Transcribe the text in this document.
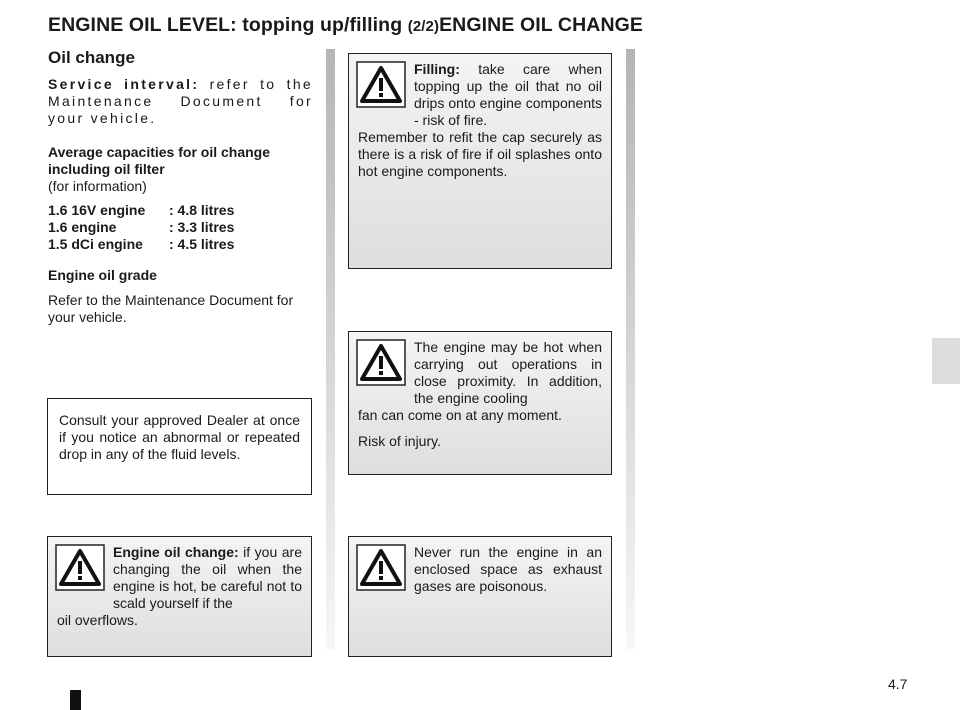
ENGINE OIL LEVEL: topping up/filling (2/2)ENGINE OIL CHANGE
Oil change

Service interval: refer to the Maintenance Document for your vehicle.

Average capacities for oil change including oil filter

(for information)

1.6 16V engine	: 4.8 litres
1.6 engine	: 3.3 litres
1.5 dCi engine	: 4.5 litres

Engine oil grade

Refer to the Maintenance Document for your vehicle.

Consult your approved Dealer at once if you notice an abnormal or repeated drop in any of the fluid levels.
Engine oil change: if you are changing the oil when the engine is hot, be careful not to scald yourself if the
oil overflows.
Filling: take care when topping up the oil that no oil drips onto engine components - risk of fire.
Remember to refit the cap securely as there is a risk of fire if oil splashes onto hot engine components.
The engine may be hot when carrying out operations in close proximity. In addition, the engine cooling
fan can come on at any moment.
Risk of injury.
Never run the engine in an enclosed space as exhaust gases are poisonous.
4.7
